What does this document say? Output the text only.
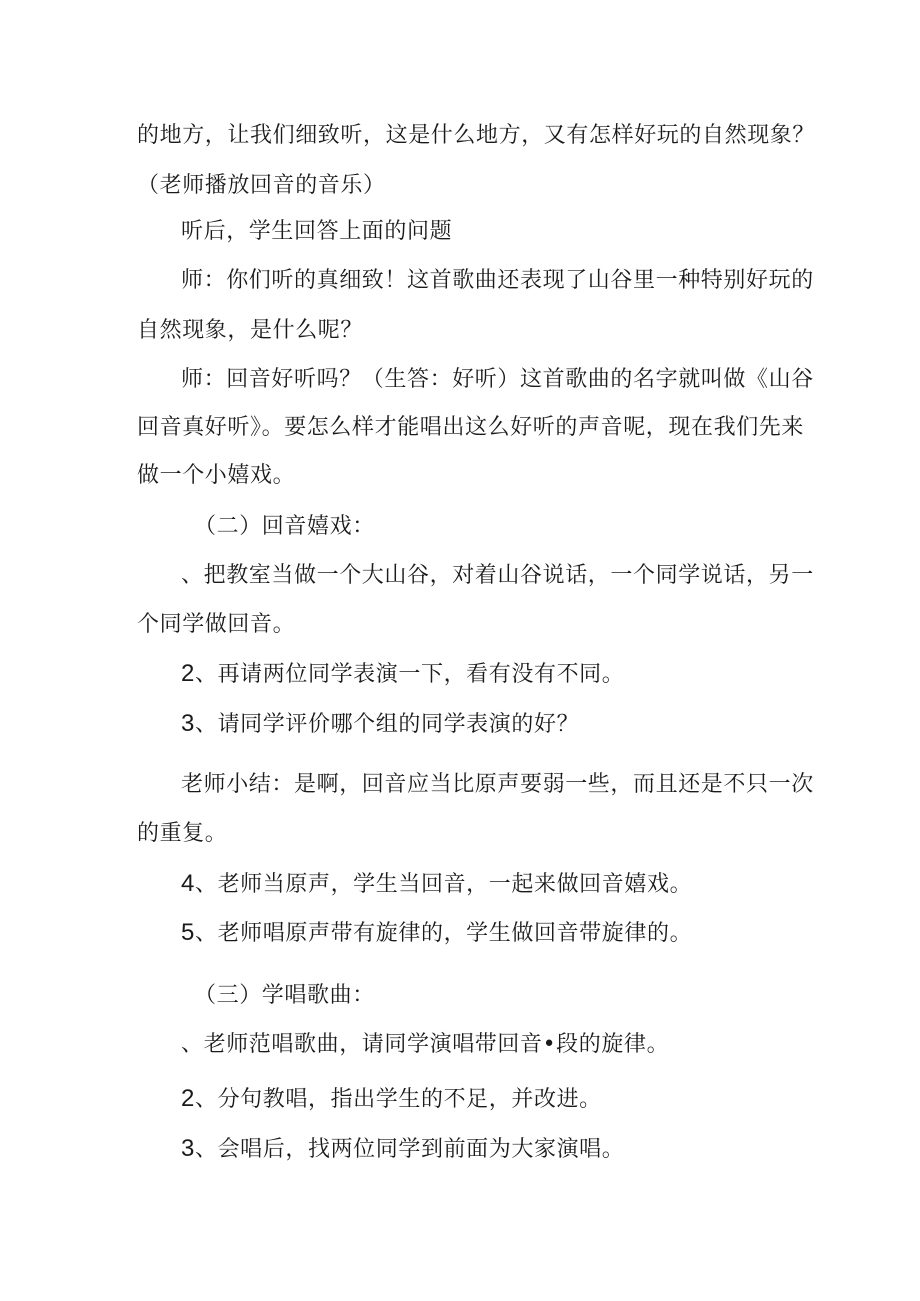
的地方，让我们细致听，这是什么地方，又有怎样好玩的自然现象？
（老师播放回音的音乐）
听后，学生回答上面的问题
师：你们听的真细致！这首歌曲还表现了山谷里一种特别好玩的
自然现象，是什么呢？
师：回音好听吗？（生答：好听）这首歌曲的名字就叫做《山谷
回音真好听》。要怎么样才能唱出这么好听的声音呢，现在我们先来
做一个小嬉戏。
（二）回音嬉戏：
、把教室当做一个大山谷，对着山谷说话，一个同学说话，另一
个同学做回音。
2、再请两位同学表演一下，看有没有不同。
3、请同学评价哪个组的同学表演的好？
老师小结：是啊，回音应当比原声要弱一些，而且还是不只一次
的重复。
4、老师当原声，学生当回音，一起来做回音嬉戏。
5、老师唱原声带有旋律的，学生做回音带旋律的。
（三）学唱歌曲：
、老师范唱歌曲，请同学演唱带回音•段的旋律。
2、分句教唱，指出学生的不足，并改进。
3、会唱后，找两位同学到前面为大家演唱。
